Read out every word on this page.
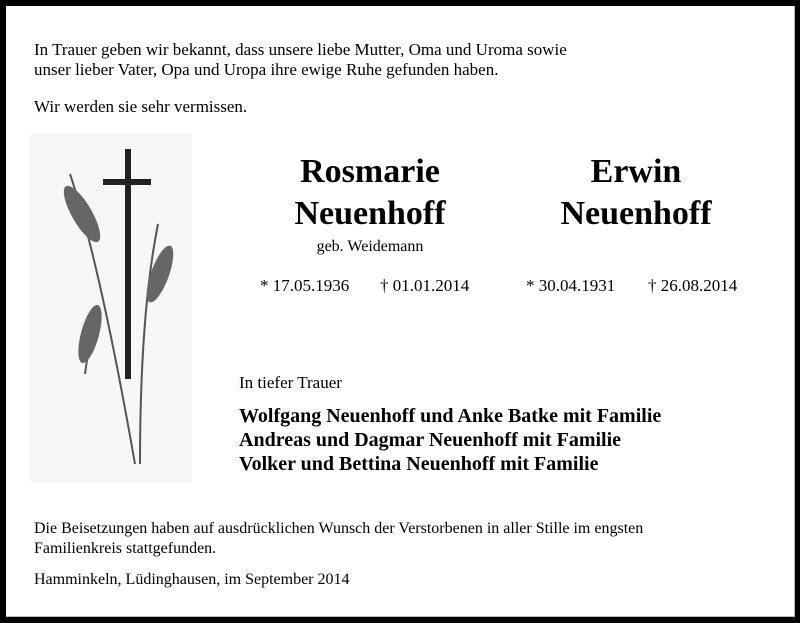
In Trauer geben wir bekannt, dass unsere liebe Mutter, Oma und Uroma sowie
unser lieber Vater, Opa und Uropa ihre ewige Ruhe gefunden haben.
Wir werden sie sehr vermissen.
Rosmarie
Neuenhoff
geb. Weidemann
Erwin
Neuenhoff
* 17.05.1936 † 01.01.2014	* 30.04.1931 † 26.08.2014
In tiefer Trauer
Wolfgang Neuenhoff und Anke Batke mit Familie
Andreas und Dagmar Neuenhoff mit Familie
Volker und Bettina Neuenhoff mit Familie
Die Beisetzungen haben auf ausdrücklichen Wunsch der Verstorbenen in aller Stille im engsten
Familienkreis stattgefunden.
Hamminkeln, Lüdinghausen, im September 2014
